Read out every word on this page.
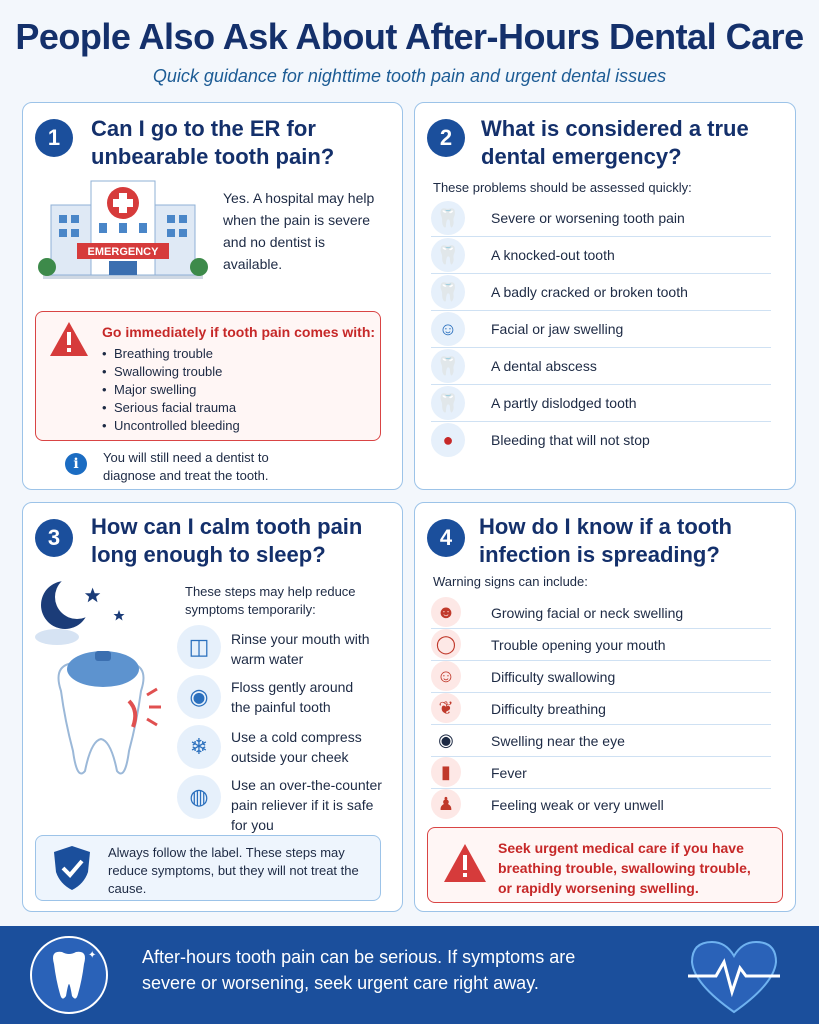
People Also Ask About After-Hours Dental Care
Quick guidance for nighttime tooth pain and urgent dental issues
1	Can I go to the ER for unbearable tooth pain?
EMERGENCY
Yes. A hospital may help when the pain is severe and no dentist is available.
Go immediately if tooth pain comes with:
• Breathing trouble
• Swallowing trouble
• Major swelling
• Serious facial trauma
• Uncontrolled bleeding
i	You will still need a dentist to diagnose and treat the tooth.
2	What is considered a true dental emergency?
These problems should be assessed quickly:
🦷	Severe or worsening tooth pain
🦷	A knocked-out tooth
🦷	A badly cracked or broken tooth
☺	Facial or jaw swelling
🦷	A dental abscess
🦷	A partly dislodged tooth
●	Bleeding that will not stop
3	How can I calm tooth pain long enough to sleep?
These steps may help reduce symptoms temporarily:
◫	Rinse your mouth with warm water
◉	Floss gently around the painful tooth
❄	Use a cold compress outside your cheek
◍	Use an over-the-counter pain reliever if it is safe for you
Always follow the label. These steps may reduce symptoms, but they will not treat the cause.
4	How do I know if a tooth infection is spreading?
Warning signs can include:
☻	Growing facial or neck swelling
◯	Trouble opening your mouth
☺	Difficulty swallowing
❦	Difficulty breathing
◉	Swelling near the eye
▮	Fever
♟	Feeling weak or very unwell
Seek urgent medical care if you have breathing trouble, swallowing trouble, or rapidly worsening swelling.
✦	After-hours tooth pain can be serious. If symptoms are severe or worsening, seek urgent care right away.
